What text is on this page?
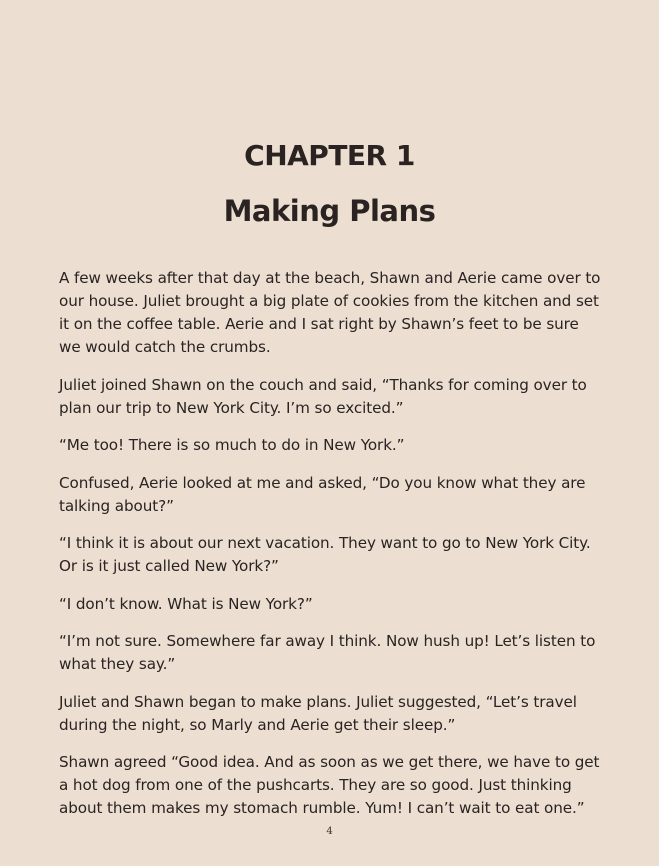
CHAPTER 1
Making Plans

A few weeks after that day at the beach, Shawn and Aerie came over to our house. Juliet brought a big plate of cookies from the kitchen and set it on the coffee table. Aerie and I sat right by Shawn’s feet to be sure we would catch the crumbs.

Juliet joined Shawn on the couch and said, “Thanks for coming over to plan our trip to New York City. I’m so excited.”

“Me too! There is so much to do in New York.”

Confused, Aerie looked at me and asked, “Do you know what they are talking about?”

“I think it is about our next vacation. They want to go to New York City. Or is it just called New York?”

“I don’t know. What is New York?”

“I’m not sure. Somewhere far away I think. Now hush up! Let’s listen to what they say.”

Juliet and Shawn began to make plans. Juliet suggested, “Let’s travel during the night, so Marly and Aerie get their sleep.”

Shawn agreed “Good idea. And as soon as we get there, we have to get a hot dog from one of the pushcarts. They are so good. Just thinking about them makes my stomach rumble. Yum! I can’t wait to eat one.”

4
